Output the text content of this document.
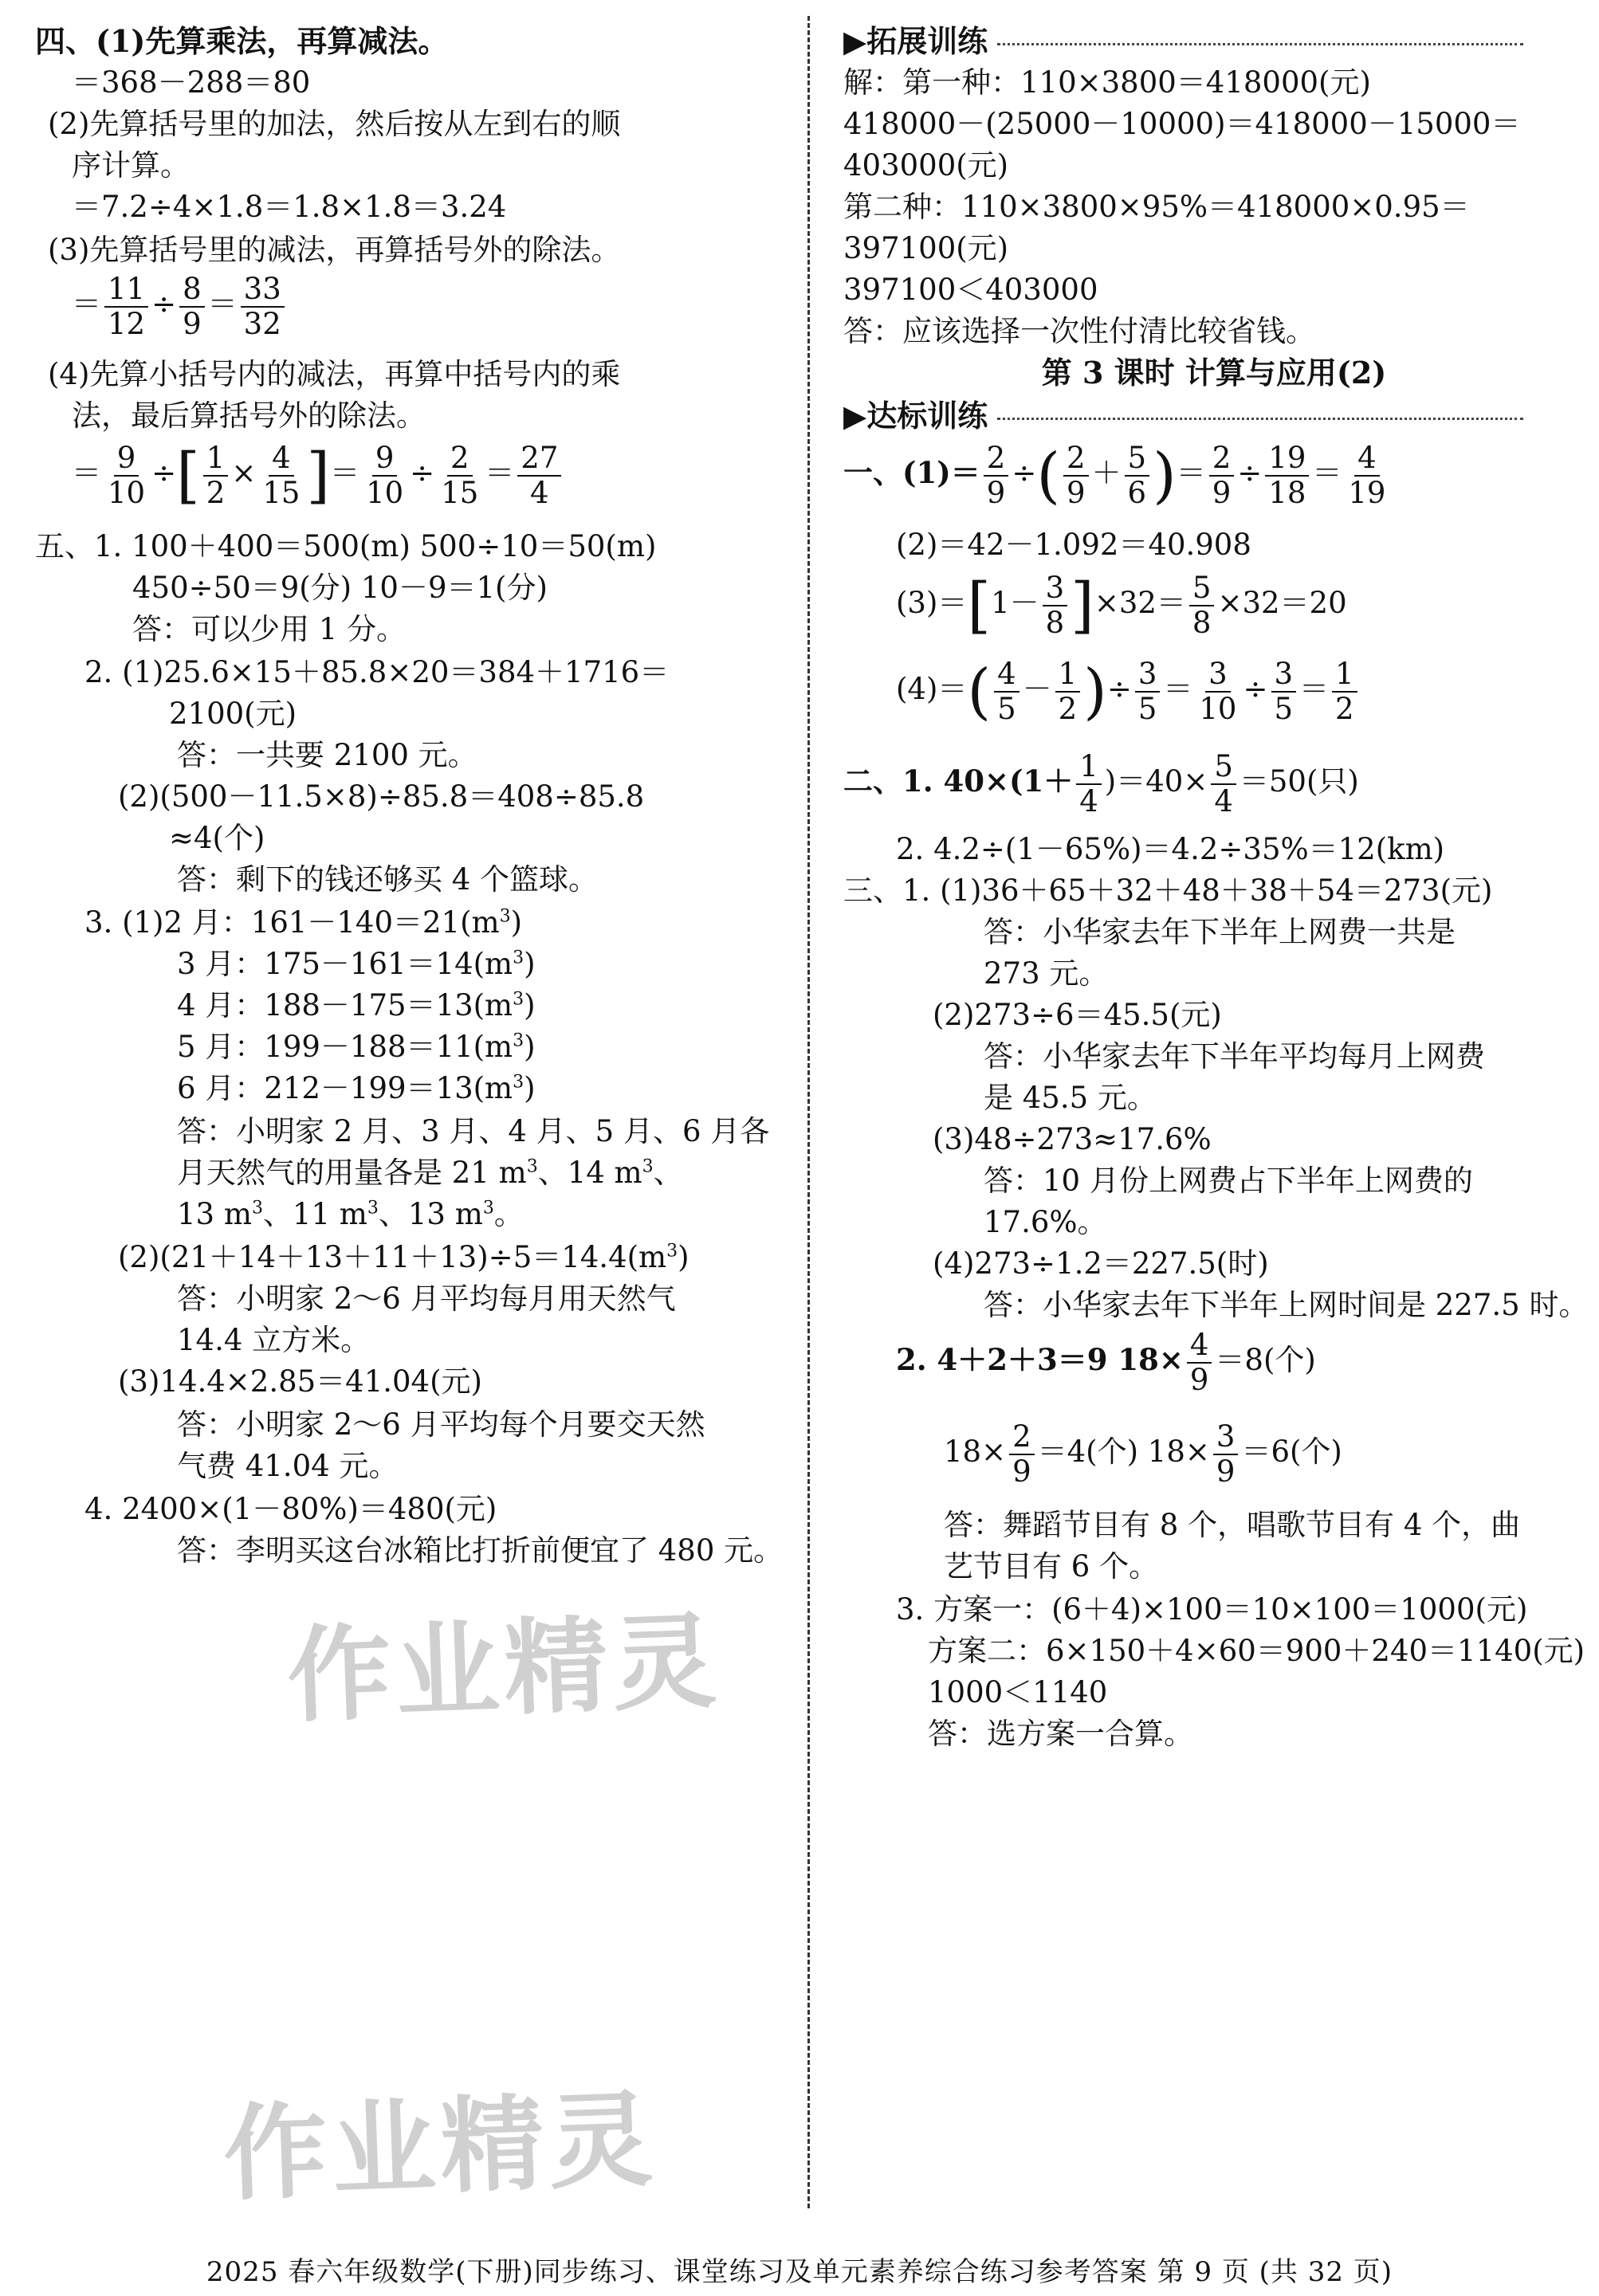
四、(1)先算乘法，再算减法。
＝368－288＝80
(2)先算括号里的加法，然后按从左到右的顺
序计算。
＝7.2÷4×1.8＝1.8×1.8＝3.24
(3)先算括号里的减法，再算括号外的除法。
＝ $\frac{11}{12} \div \frac{8}{9} = \frac{33}{32}$
(4)先算小括号内的减法，再算中括号内的乘
法，最后算括号外的除法。
＝ $\frac{9}{10}$ ÷[ $\frac{1}{2} \times \frac{4}{15}$ ]＝ $\frac{9}{10} \div \frac{2}{15} = \frac{27}{4}$
五、1. 100＋400＝500(m) 500÷10＝50(m)
450÷50＝9(分) 10－9＝1(分)
答：可以少用 1 分。
2. (1)25.6×15＋85.8×20＝384＋1716＝
2100(元)
答：一共要 2100 元。
(2)(500－11.5×8)÷85.8＝408÷85.8
≈4(个)
答：剩下的钱还够买 4 个篮球。
3. (1)2 月：$161-140=21(m^3)$
3 月：$175-161=14(m^3)$
4 月：$188-175=13(m^3)$
5 月：$199-188=11(m^3)$
6 月：$212-199=13(m^3)$
答：小明家 2 月、3 月、4 月、5 月、6 月各
月天然气的用量各是 21 $m^3$、14 $m^3$、
13 $m^3$、11 $m^3$、13 $m^3$。
$(2)(21+14+13+11+13)\div 5=14.4(m^3)$
答：小明家 2～6 月平均每月用天然气
14.4 立方米。
(3)14.4×2.85＝41.04(元)
答：小明家 2～6 月平均每个月要交天然
气费 41.04 元。
4. 2400×(1－80%)＝480(元)
答：李明买这台冰箱比打折前便宜了 480 元。
▶拓展训练
解：第一种：110×3800＝418000(元)
418000－(25000－10000)＝418000－15000＝
403000(元)
第二种：110×3800×95%＝418000×0.95＝
397100(元)
397100＜403000
答：应该选择一次性付清比较省钱。
第 3 课时 计算与应用(2)
▶达标训练
一、$(1)= \frac{2}{9}$ ÷( $\frac{2}{9} + \frac{5}{6}$ )＝ $\frac{2}{9} \div \frac{19}{18} = \frac{4}{19}$
(2)＝42－1.092＝40.908
$(3)=[1- \frac{3}{8} ]\times 32= \frac{5}{8} \times 32=20$
$(4)=( \frac{4}{5} - \frac{1}{2}$ )÷ $\frac{3}{5} = \frac{3}{10} \div \frac{3}{5} = \frac{1}{2}$
二、1. $40\times(1+ \frac{1}{4} )=40\times \frac{5}{4} =50$(只)
2. 4.2÷(1－65%)＝4.2÷35%＝12(km)
三、1. (1)36＋65＋32＋48＋38＋54＝273(元)
答：小华家去年下半年上网费一共是
273 元。
(2)273÷6＝45.5(元)
答：小华家去年下半年平均每月上网费
是 45.5 元。
(3)48÷273≈17.6%
答：10 月份上网费占下半年上网费的
17.6%。
(4)273÷1.2＝227.5(时)
答：小华家去年下半年上网时间是 227.5 时。
2. 4＋2＋3＝9 $18\times \frac{4}{9} =8$(个)
$18\times \frac{2}{9} =4$(个) $18\times \frac{3}{9} =6$(个)
答：舞蹈节目有 8 个，唱歌节目有 4 个，曲
艺节目有 6 个。
3. 方案一：(6＋4)×100＝10×100＝1000(元)
方案二：6×150＋4×60＝900＋240＝1140(元)
1000＜1140
答：选方案一合算。
作业精灵
作业精灵
2025 春六年级数学(下册)同步练习、课堂练习及单元素养综合练习参考答案 第 9 页 (共 32 页)
